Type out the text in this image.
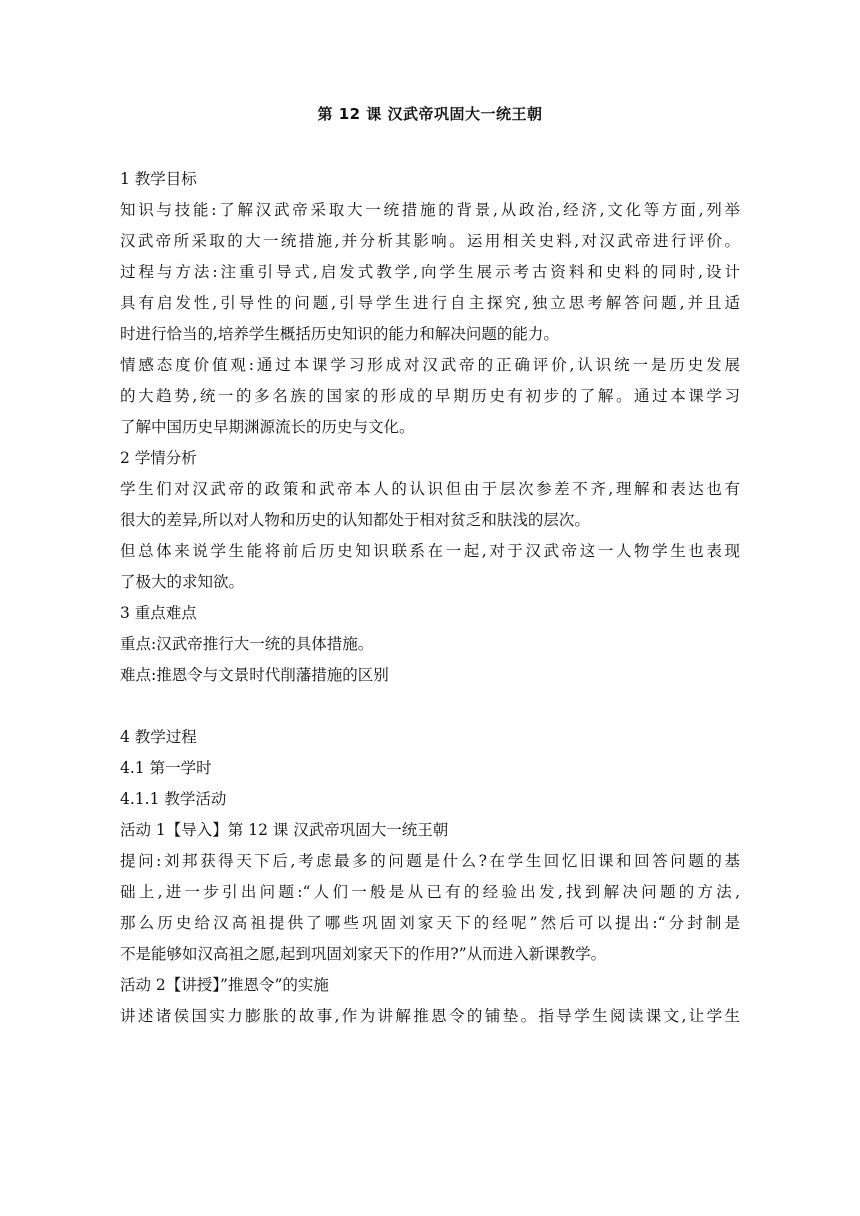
第 12 课 汉武帝巩固大一统王朝
1 教学目标
知识与技能:了解汉武帝采取大一统措施的背景,从政治,经济,文化等方面,列举
汉武帝所采取的大一统措施,并分析其影响。运用相关史料,对汉武帝进行评价。
过程与方法:注重引导式,启发式教学,向学生展示考古资料和史料的同时,设计
具有启发性,引导性的问题,引导学生进行自主探究,独立思考解答问题,并且适
时进行恰当的,培养学生概括历史知识的能力和解决问题的能力。
情感态度价值观:通过本课学习形成对汉武帝的正确评价,认识统一是历史发展
的大趋势,统一的多名族的国家的形成的早期历史有初步的了解。通过本课学习
了解中国历史早期渊源流长的历史与文化。
2 学情分析
学生们对汉武帝的政策和武帝本人的认识但由于层次参差不齐,理解和表达也有
很大的差异,所以对人物和历史的认知都处于相对贫乏和肤浅的层次。
但总体来说学生能将前后历史知识联系在一起,对于汉武帝这一人物学生也表现
了极大的求知欲。
3 重点难点
重点:汉武帝推行大一统的具体措施。
难点:推恩令与文景时代削藩措施的区别
4 教学过程
4.1 第一学时
4.1.1 教学活动
活动 1【导入】第 12 课 汉武帝巩固大一统王朝
提问:刘邦获得天下后,考虑最多的问题是什么?在学生回忆旧课和回答问题的基
础上,进一步引出问题:“人们一般是从已有的经验出发,找到解决问题的方法,
那么历史给汉高祖提供了哪些巩固刘家天下的经呢”然后可以提出:“分封制是
不是能够如汉高祖之愿,起到巩固刘家天下的作用?”从而进入新课教学。
活动 2【讲授】”推恩令”的实施
讲述诸侯国实力膨胀的故事,作为讲解推恩令的铺垫。指导学生阅读课文,让学生
